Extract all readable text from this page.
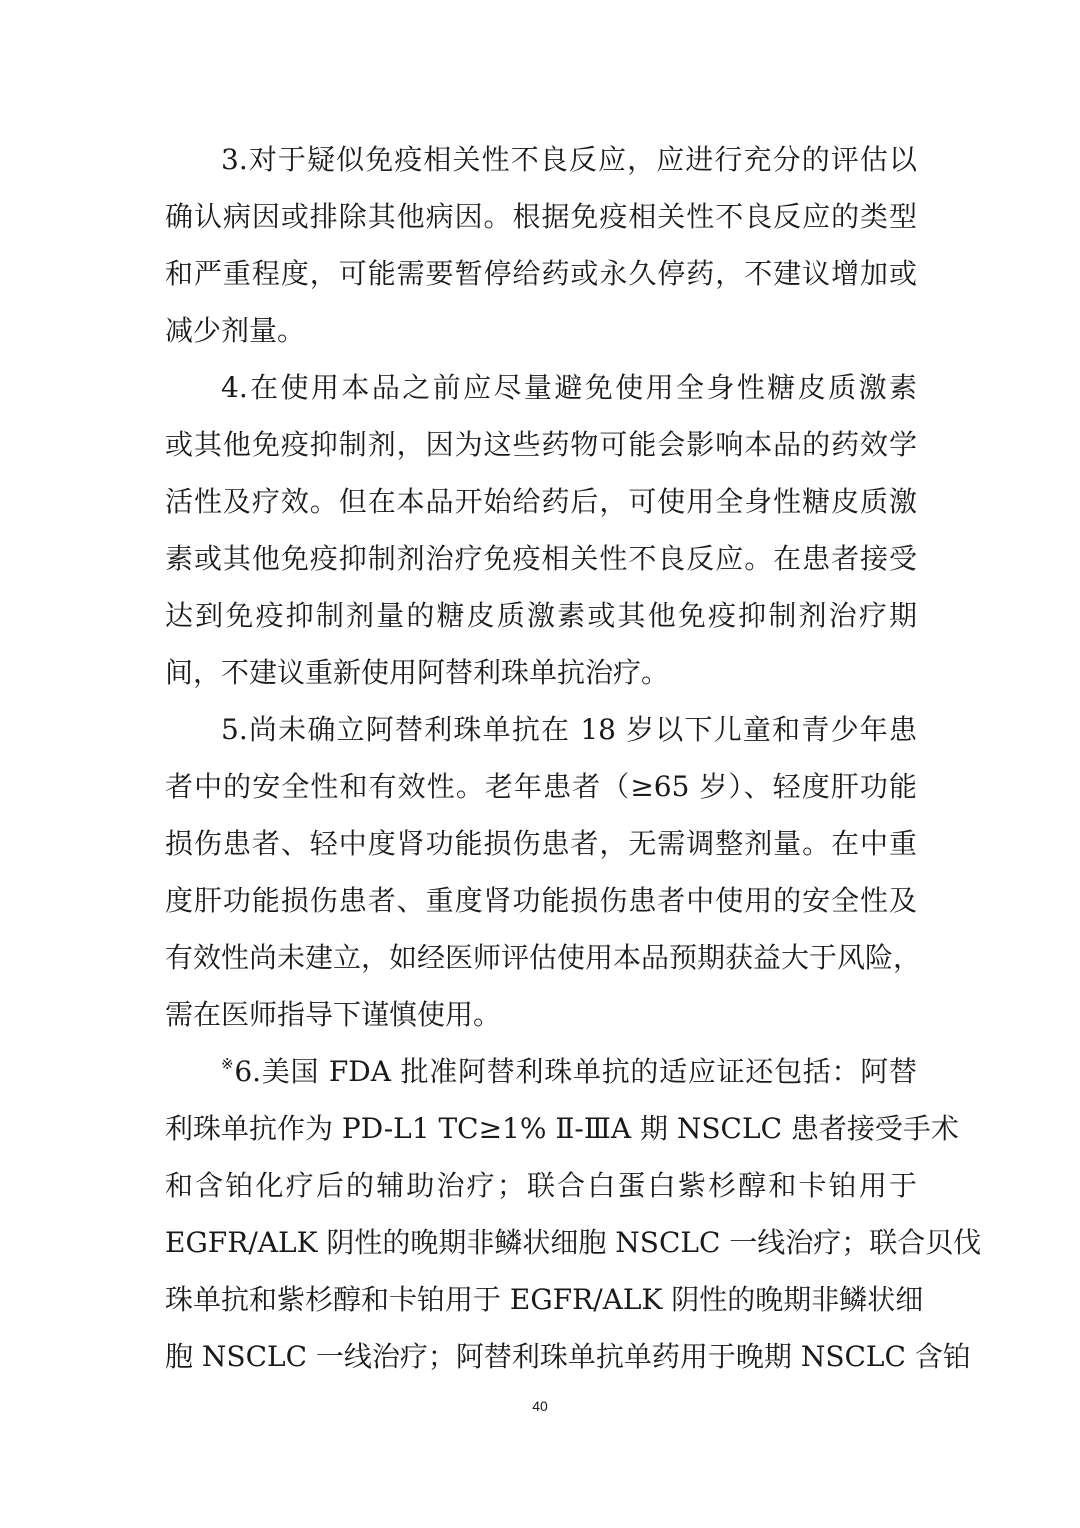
3.对于疑似免疫相关性不良反应，应进行充分的评估以
确认病因或排除其他病因。根据免疫相关性不良反应的类型
和严重程度，可能需要暂停给药或永久停药，不建议增加或
减少剂量。
4.在使用本品之前应尽量避免使用全身性糖皮质激素
或其他免疫抑制剂，因为这些药物可能会影响本品的药效学
活性及疗效。但在本品开始给药后，可使用全身性糖皮质激
素或其他免疫抑制剂治疗免疫相关性不良反应。在患者接受
达到免疫抑制剂量的糖皮质激素或其他免疫抑制剂治疗期
间，不建议重新使用阿替利珠单抗治疗。
5.尚未确立阿替利珠单抗在 18 岁以下儿童和青少年患
者中的安全性和有效性。老年患者（≥65 岁）、轻度肝功能
损伤患者、轻中度肾功能损伤患者，无需调整剂量。在中重
度肝功能损伤患者、重度肾功能损伤患者中使用的安全性及
有效性尚未建立，如经医师评估使用本品预期获益大于风险，
需在医师指导下谨慎使用。
※6.美国 FDA 批准阿替利珠单抗的适应证还包括：阿替
利珠单抗作为 PD-L1 TC≥1% Ⅱ-ⅢA 期 NSCLC 患者接受手术
和含铂化疗后的辅助治疗；联合白蛋白紫杉醇和卡铂用于
EGFR/ALK 阴性的晚期非鳞状细胞 NSCLC 一线治疗；联合贝伐
珠单抗和紫杉醇和卡铂用于 EGFR/ALK 阴性的晚期非鳞状细
胞 NSCLC 一线治疗；阿替利珠单抗单药用于晚期 NSCLC 含铂
40
